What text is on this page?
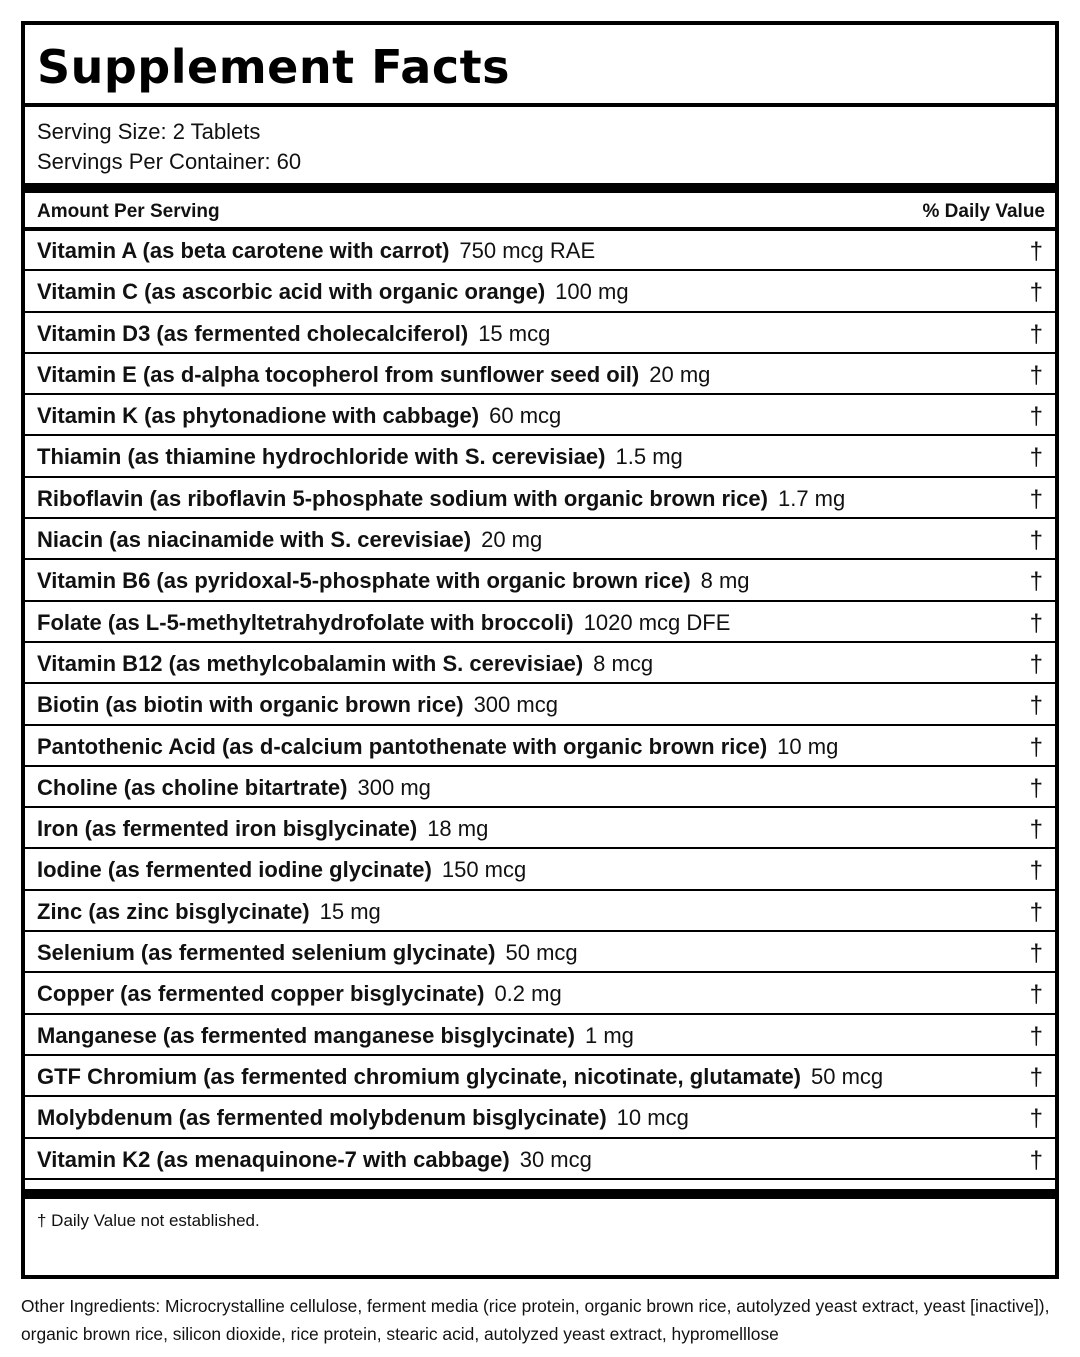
Supplement Facts
Serving Size: 2 Tablets
Servings Per Container: 60
Amount Per Serving	% Daily Value
Vitamin A (as beta carotene with carrot) 750 mcg RAE	†
Vitamin C (as ascorbic acid with organic orange) 100 mg	†
Vitamin D3 (as fermented cholecalciferol) 15 mcg	†
Vitamin E (as d-alpha tocopherol from sunflower seed oil) 20 mg	†
Vitamin K (as phytonadione with cabbage) 60 mcg	†
Thiamin (as thiamine hydrochloride with S. cerevisiae) 1.5 mg	†
Riboflavin (as riboflavin 5-phosphate sodium with organic brown rice) 1.7 mg	†
Niacin (as niacinamide with S. cerevisiae) 20 mg	†
Vitamin B6 (as pyridoxal-5-phosphate with organic brown rice) 8 mg	†
Folate (as L-5-methyltetrahydrofolate with broccoli) 1020 mcg DFE	†
Vitamin B12 (as methylcobalamin with S. cerevisiae) 8 mcg	†
Biotin (as biotin with organic brown rice) 300 mcg	†
Pantothenic Acid (as d-calcium pantothenate with organic brown rice) 10 mg	†
Choline (as choline bitartrate) 300 mg	†
Iron (as fermented iron bisglycinate) 18 mg	†
Iodine (as fermented iodine glycinate) 150 mcg	†
Zinc (as zinc bisglycinate) 15 mg	†
Selenium (as fermented selenium glycinate) 50 mcg	†
Copper (as fermented copper bisglycinate) 0.2 mg	†
Manganese (as fermented manganese bisglycinate) 1 mg	†
GTF Chromium (as fermented chromium glycinate, nicotinate, glutamate) 50 mcg	†
Molybdenum (as fermented molybdenum bisglycinate) 10 mcg	†
Vitamin K2 (as menaquinone-7 with cabbage) 30 mcg	†
† Daily Value not established.
Other Ingredients: Microcrystalline cellulose, ferment media (rice protein, organic brown rice, autolyzed yeast extract, yeast [inactive]), organic brown rice, silicon dioxide, rice protein, stearic acid, autolyzed yeast extract, hypromelllose
